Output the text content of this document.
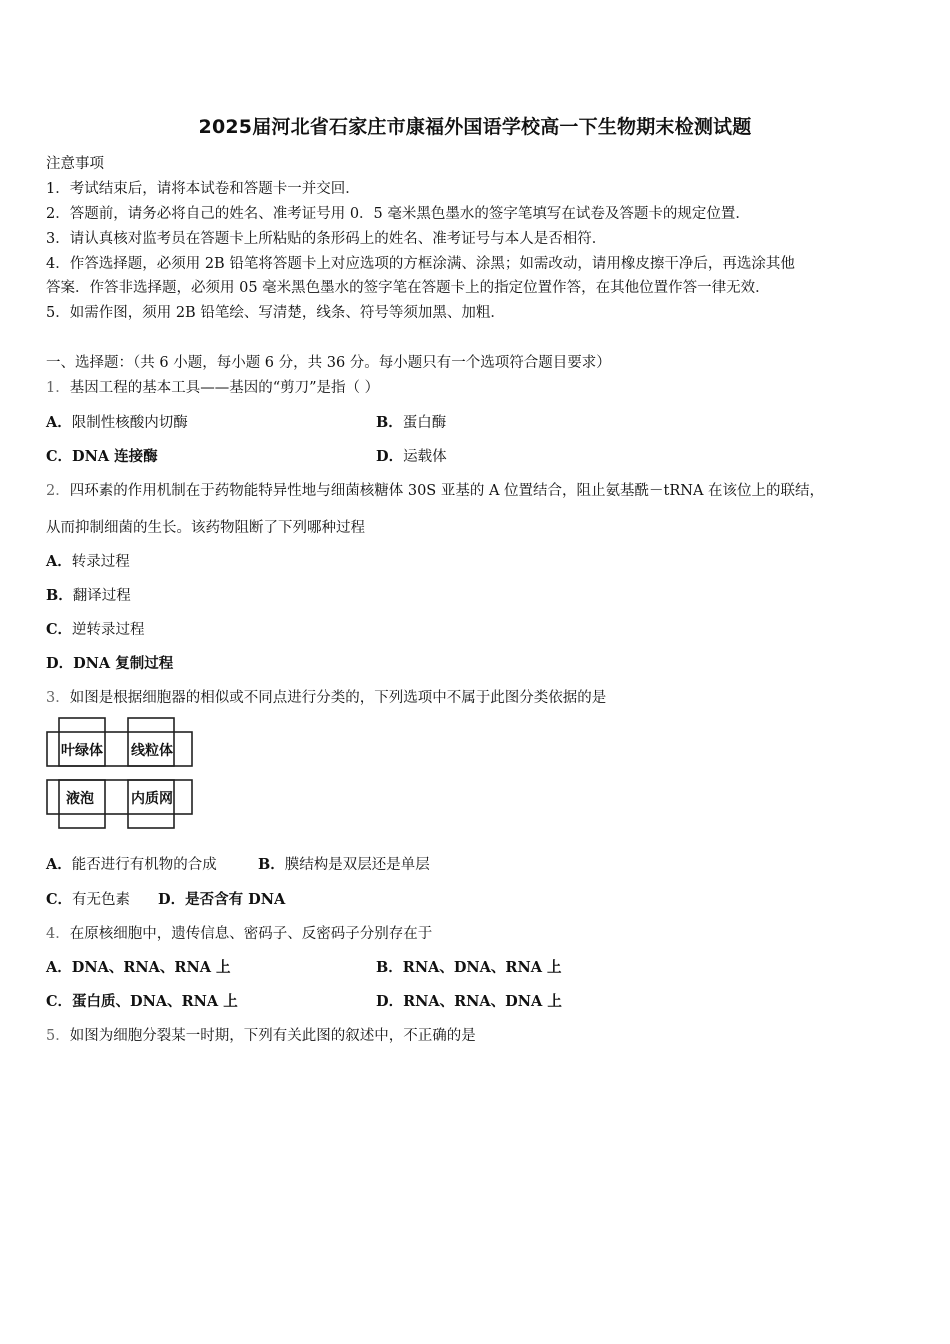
2025届河北省石家庄市康福外国语学校高一下生物期末检测试题
注意事项
1．考试结束后，请将本试卷和答题卡一并交回．
2．答题前，请务必将自己的姓名、准考证号用 0．5 毫米黑色墨水的签字笔填写在试卷及答题卡的规定位置．
3．请认真核对监考员在答题卡上所粘贴的条形码上的姓名、准考证号与本人是否相符．
4．作答选择题，必须用 2B 铅笔将答题卡上对应选项的方框涂满、涂黑；如需改动，请用橡皮擦干净后，再选涂其他
答案．作答非选择题，必须用 05 毫米黑色墨水的签字笔在答题卡上的指定位置作答，在其他位置作答一律无效．
5．如需作图，须用 2B 铅笔绘、写清楚，线条、符号等须加黑、加粗．
一、选择题：（共 6 小题，每小题 6 分，共 36 分。每小题只有一个选项符合题目要求）
1．基因工程的基本工具——基因的“剪刀”是指（ ）
A．限制性核酸内切酶	B．蛋白酶
C．DNA 连接酶	D．运载体
2．四环素的作用机制在于药物能特异性地与细菌核糖体 30S 亚基的 A 位置结合，阻止氨基酰－tRNA 在该位上的联结，
从而抑制细菌的生长。该药物阻断了下列哪种过程
A．转录过程
B．翻译过程
C．逆转录过程
D．DNA 复制过程
3．如图是根据细胞器的相似或不同点进行分类的，下列选项中不属于此图分类依据的是
叶绿体 线粒体
液泡	内质网
A．能否进行有机物的合成	B．膜结构是双层还是单层
C．有无色素 D．是否含有 DNA
4．在原核细胞中，遗传信息、密码子、反密码子分别存在于
A．DNA、RNA、RNA 上	B．RNA、DNA、RNA 上
C．蛋白质、DNA、RNA 上	D．RNA、RNA、DNA 上
5．如图为细胞分裂某一时期，下列有关此图的叙述中，不正确的是
